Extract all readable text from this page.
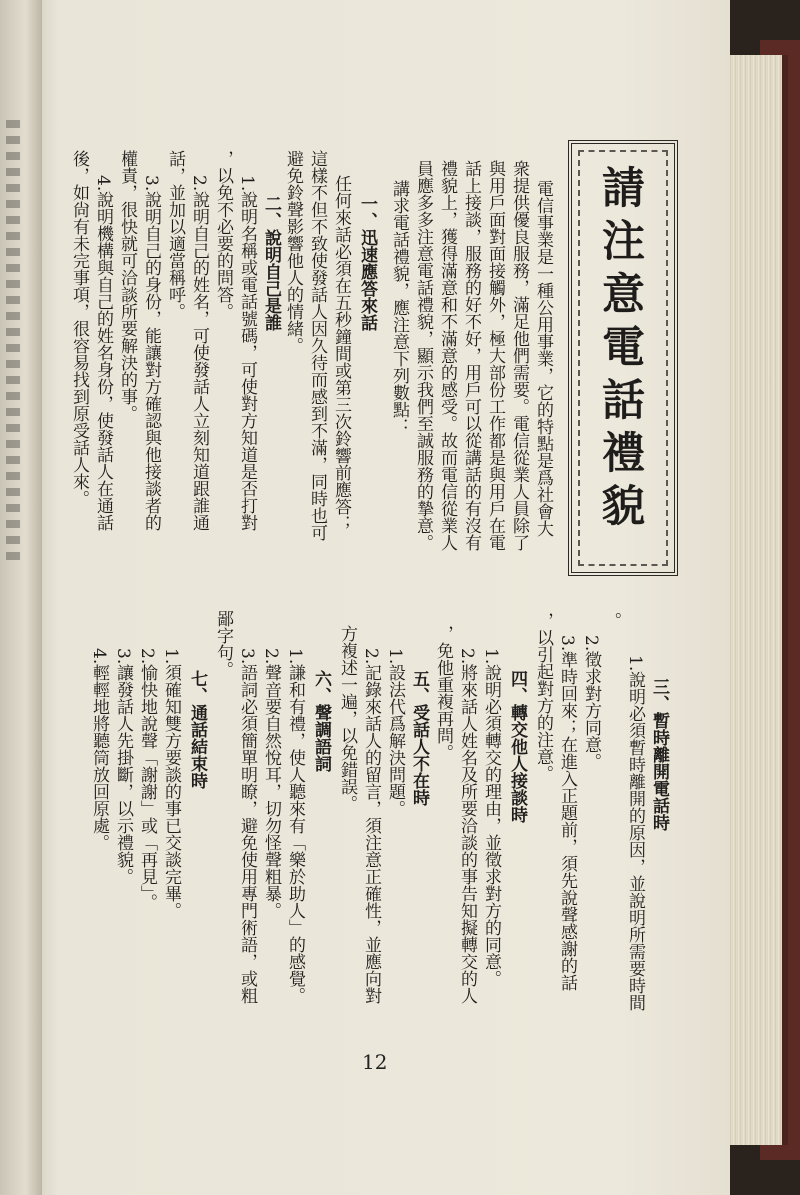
請注意電話禮貌
電信事業是一種公用事業，它的特點是爲社會大
衆提供優良服務，滿足他們需要。電信從業人員除了
與用戶面對面接觸外，極大部份工作都是與用戶在電
話上接談，服務的好不好，用戶可以從講話的有沒有
禮貌上，獲得滿意和不滿意的感受。故而電信從業人
員應多多注意電話禮貌，顯示我們至誠服務的摯意。
講求電話禮貌，應注意下列數點：
一、迅速應答來話
任何來話必須在五秒鐘間或第三次鈴響前應答；
這樣不但不致使發話人因久待而感到不滿，同時也可
避免鈴聲影響他人的情緒。
二、說明自己是誰
1.說明名稱或電話號碼，可使對方知道是否打對
，以免不必要的問答。
2.說明自己的姓名，可使發話人立刻知道跟誰通
話，並加以適當稱呼。
3.說明自己的身份，能讓對方確認與他接談者的
權責，很快就可洽談所要解決的事。
4.說明機構與自己的姓名身份，使發話人在通話
後，如尙有未完事項，很容易找到原受話人來。
三、暫時離開電話時
1.說明必須暫時離開的原因，並說明所需要時間
。
2.徵求對方同意。
3.準時回來；在進入正題前，須先說聲感謝的話
，以引起對方的注意。
四、轉交他人接談時
1.說明必須轉交的理由，並徵求對方的同意。
2.將來話人姓名及所要洽談的事告知擬轉交的人
，免他重複再問。
五、受話人不在時
1.設法代爲解決問題。
2.記錄來話人的留言，須注意正確性，並應向對
方複述一遍，以免錯誤。
六、聲調語詞
1.謙和有禮，使人聽來有「樂於助人」的感覺。
2.聲音要自然悅耳，切勿怪聲粗暴。
3.語詞必須簡單明瞭，避免使用專門術語，或粗
鄙字句。
七、通話結束時
1.須確知雙方要談的事已交談完畢。
2.愉快地說聲「謝謝」或「再見」。
3.讓發話人先掛斷，以示禮貌。
4.輕輕地將聽筒放回原處。
12
